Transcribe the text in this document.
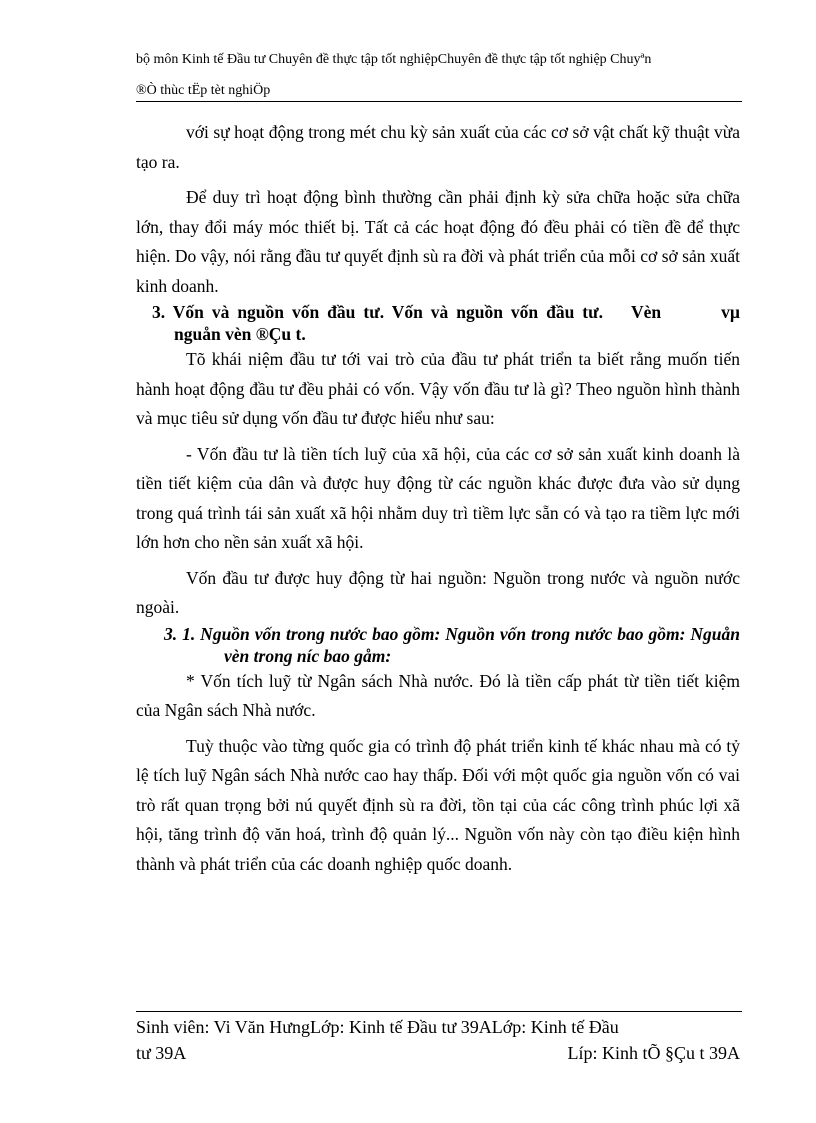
bộ môn Kinh tế Đầu tư Chuyên đề thực tập tốt nghiệpChuyên đề thực tập tốt nghiệp Chuyªn
®Ò thùc tËp tèt nghiÖp

với sự hoạt động trong mét chu kỳ sản xuất của các cơ sở vật chất kỹ thuật vừa tạo ra.

Để duy trì hoạt động bình thường cần phải định kỳ sửa chữa hoặc sửa chữa lớn, thay đổi máy móc thiết bị. Tất cả các hoạt động đó đều phải có tiền đề để thực hiện. Do vậy, nói rằng đầu tư quyết định sù ra đời và phát triển của mỗi cơ sở sản xuất kinh doanh.

3. Vốn và nguồn vốn đầu tư. Vốn và nguồn vốn đầu tư. Vèn	vµ nguån vèn ®Çu t.

Tõ khái niệm đầu tư tới vai trò của đầu tư phát triển ta biết rằng muốn tiến hành hoạt động đầu tư đều phải có vốn. Vậy vốn đầu tư là gì? Theo nguồn hình thành và mục tiêu sử dụng vốn đầu tư được hiểu như sau:

- Vốn đầu tư là tiền tích luỹ của xã hội, của các cơ sở sản xuất kinh doanh là tiền tiết kiệm của dân và được huy động từ các nguồn khác được đưa vào sử dụng trong quá trình tái sản xuất xã hội nhằm duy trì tiềm lực sẵn có và tạo ra tiềm lực mới lớn hơn cho nền sản xuất xã hội.

Vốn đầu tư được huy động từ hai nguồn: Nguồn trong nước và nguồn nước ngoài.

3. 1. Nguồn vốn trong nước bao gồm: Nguồn vốn trong nước bao gồm: Nguån vèn trong níc bao gåm:

* Vốn tích luỹ từ Ngân sách Nhà nước. Đó là tiền cấp phát từ tiền tiết kiệm của Ngân sách Nhà nước.

Tuỳ thuộc vào từng quốc gia có trình độ phát triển kinh tế khác nhau mà có tỷ lệ tích luỹ Ngân sách Nhà nước cao hay thấp. Đối với một quốc gia nguồn vốn có vai trò rất quan trọng bởi nú quyết định sù ra đời, tồn tại của các công trình phúc lợi xã hội, tăng trình độ văn hoá, trình độ quản lý... Nguồn vốn này còn tạo điều kiện hình thành và phát triển của các doanh nghiệp quốc doanh.

Sinh viên: Vi Văn HưngLớp: Kinh tế Đầu tư 39ALớp: Kinh tế Đầu
tư 39A	Líp: Kinh tÕ §Çu t 39A
